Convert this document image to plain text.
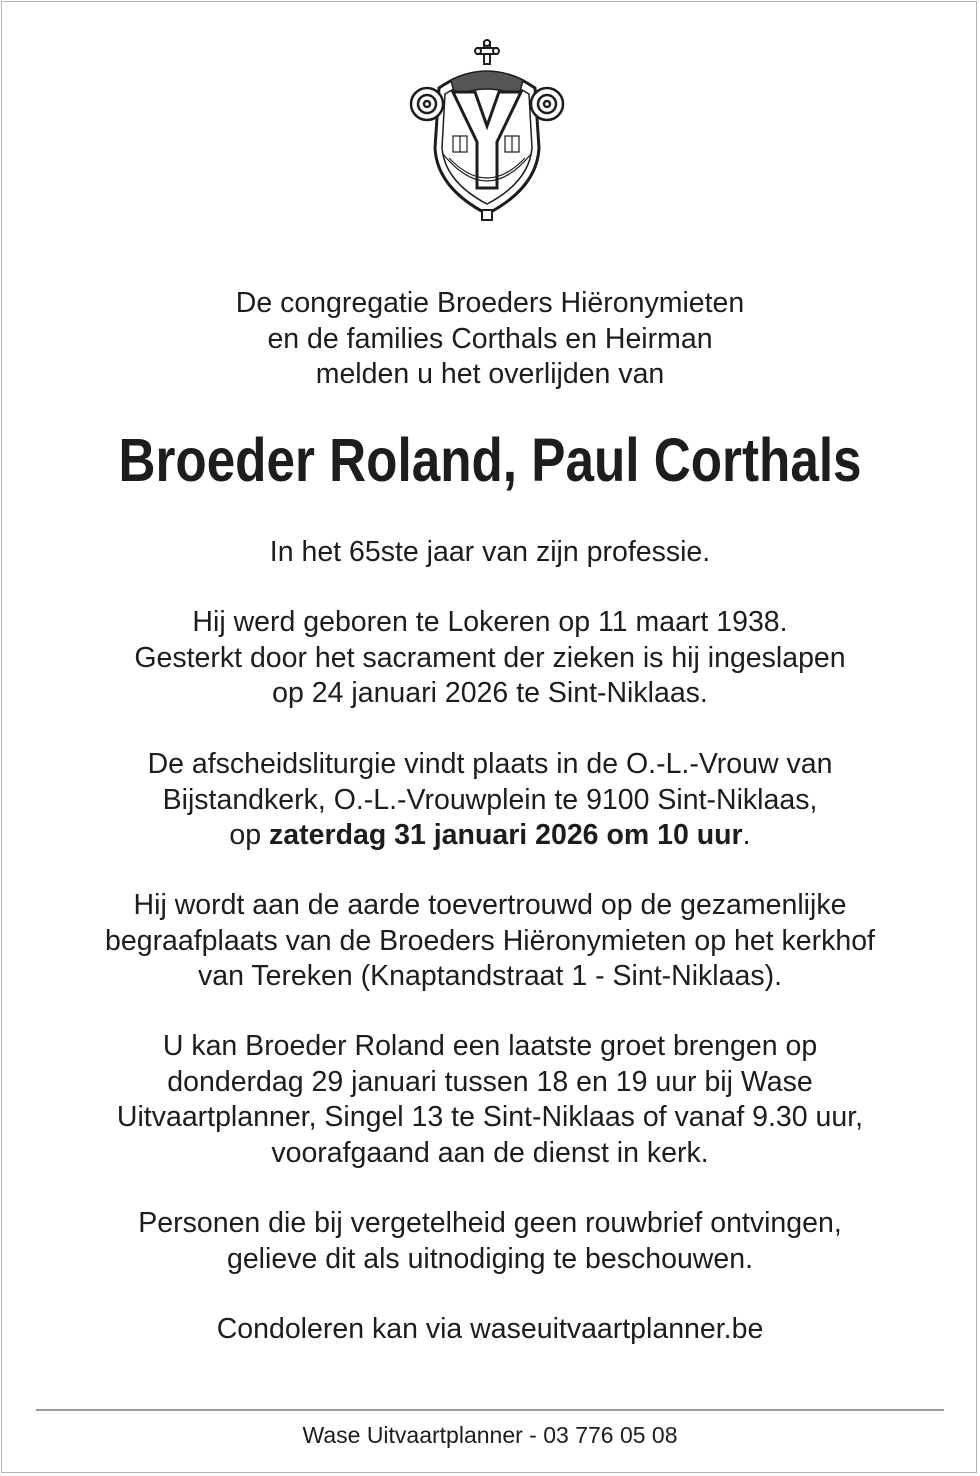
De congregatie Broeders Hiëronymieten
en de families Corthals en Heirman
melden u het overlijden van
Broeder Roland, Paul Corthals
In het 65ste jaar van zijn professie.
Hij werd geboren te Lokeren op 11 maart 1938.
Gesterkt door het sacrament der zieken is hij ingeslapen
op 24 januari 2026 te Sint-Niklaas.
De afscheidsliturgie vindt plaats in de O.-L.-Vrouw van
Bijstandkerk, O.-L.-Vrouwplein te 9100 Sint-Niklaas,
op zaterdag 31 januari 2026 om 10 uur.
Hij wordt aan de aarde toevertrouwd op de gezamenlijke
begraafplaats van de Broeders Hiëronymieten op het kerkhof
van Tereken (Knaptandstraat 1 - Sint-Niklaas).
U kan Broeder Roland een laatste groet brengen op
donderdag 29 januari tussen 18 en 19 uur bij Wase
Uitvaartplanner, Singel 13 te Sint-Niklaas of vanaf 9.30 uur,
voorafgaand aan de dienst in kerk.
Personen die bij vergetelheid geen rouwbrief ontvingen,
gelieve dit als uitnodiging te beschouwen.
Condoleren kan via waseuitvaartplanner.be
Wase Uitvaartplanner - 03 776 05 08
